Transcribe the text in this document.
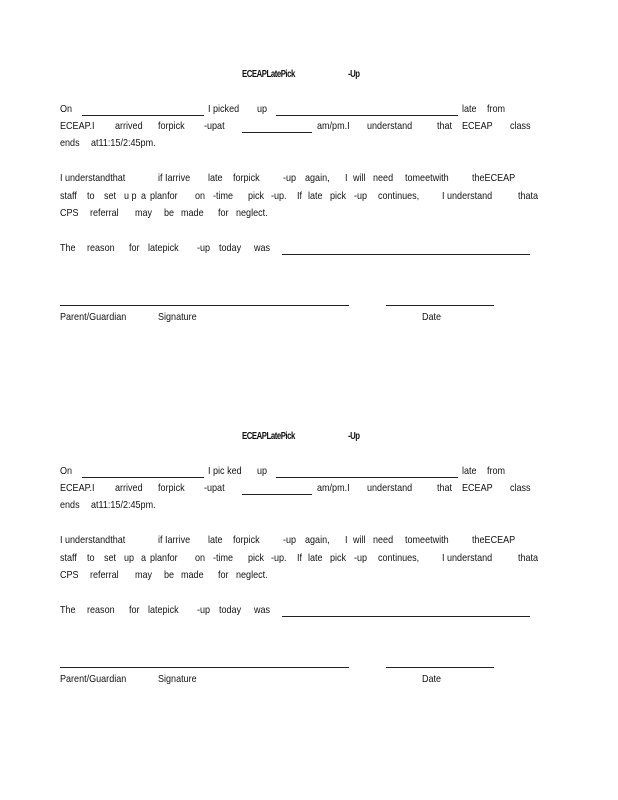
ECEAPLatePick	-Up
On	I picked up	late from
ECEAP.I arrived forpick -upat	am/pm.I understand that ECEAP class
ends at11:15/2:45pm.
I understandthat	if Iarrive late forpick -up again, I will need tomeetwith theECEAP
staff to set u p a planfor on -time pick -up. If late pick -up continues, I understand thata
CPS referral may be made for neglect.
The reason for latepick -up today was
Parent/Guardian	Signature	Date
ECEAPLatePick	-Up
On	I pic ked up	late from
ECEAP.I arrived forpick -upat	am/pm.I understand that ECEAP class
ends at11:15/2:45pm.
I understandthat	if Iarrive late forpick -up again, I will need tomeetwith theECEAP
staff to set up a planfor on -time pick -up. If late pick -up continues, I understand thata
CPS referral may be made for neglect.
The reason for latepick -up today was
Parent/Guardian	Signature	Date
